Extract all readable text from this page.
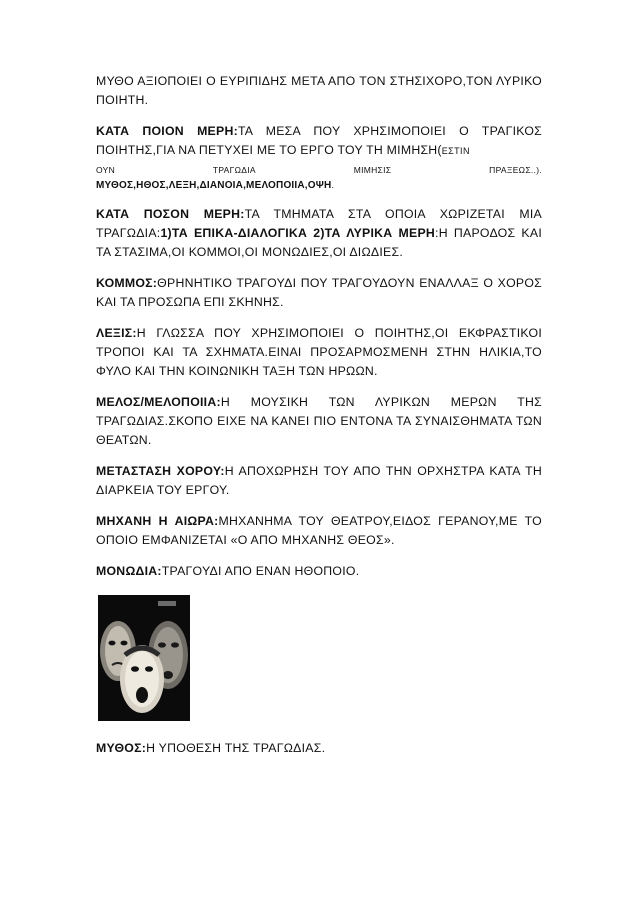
ΜΥΘΟ ΑΞΙΟΠΟΙΕΙ Ο ΕΥΡΙΠΙΔΗΣ ΜΕΤΑ ΑΠΟ ΤΟΝ ΣΤΗΣΙΧΟΡΟ,ΤΟΝ ΛΥΡΙΚΟ ΠΟΙΗΤΗ.

ΚΑΤΑ ΠΟΙΟΝ ΜΕΡΗ:ΤΑ ΜΕΣΑ ΠΟΥ ΧΡΗΣΙΜΟΠΟΙΕΙ Ο ΤΡΑΓΙΚΟΣ ΠΟΙΗΤΗΣ,ΓΙΑ ΝΑ ΠΕΤΥΧΕΙ ΜΕ ΤΟ ΕΡΓΟ ΤΟΥ ΤΗ ΜΙΜΗΣΗ(ΕΣΤΙΝ

ΟΥΝ	ΤΡΑΓΩΔΙΑ	ΜΙΜΗΣΙΣ	ΠΡΑΞΕΩΣ..).

ΜΥΘΟΣ,ΗΘΟΣ,ΛΕΞΗ,ΔΙΑΝΟΙΑ,ΜΕΛΟΠΟΙΙΑ,ΟΨΗ.

ΚΑΤΑ ΠΟΣΟΝ ΜΕΡΗ:ΤΑ ΤΜΗΜΑΤΑ ΣΤΑ ΟΠΟΙΑ ΧΩΡΙΖΕΤΑΙ ΜΙΑ ΤΡΑΓΩΔΙΑ:1)ΤΑ ΕΠΙΚΑ-ΔΙΑΛΟΓΙΚΑ 2)ΤΑ ΛΥΡΙΚΑ ΜΕΡΗ:Η ΠΑΡΟΔΟΣ ΚΑΙ ΤΑ ΣΤΑΣΙΜΑ,ΟΙ ΚΟΜΜΟΙ,ΟΙ ΜΟΝΩΔΙΕΣ,ΟΙ ΔΙΩΔΙΕΣ.

ΚΟΜΜΟΣ:ΘΡΗΝΗΤΙΚΟ ΤΡΑΓΟΥΔΙ ΠΟΥ ΤΡΑΓΟΥΔΟΥΝ ΕΝΑΛΛΑΞ Ο ΧΟΡΟΣ ΚΑΙ ΤΑ ΠΡΟΣΩΠΑ ΕΠΙ ΣΚΗΝΗΣ.

ΛΕΞΙΣ:Η ΓΛΩΣΣΑ ΠΟΥ ΧΡΗΣΙΜΟΠΟΙΕΙ Ο ΠΟΙΗΤΗΣ,ΟΙ ΕΚΦΡΑΣΤΙΚΟΙ ΤΡΟΠΟΙ ΚΑΙ ΤΑ ΣΧΗΜΑΤΑ.ΕΙΝΑΙ ΠΡΟΣΑΡΜΟΣΜΕΝΗ ΣΤΗΝ ΗΛΙΚΙΑ,ΤΟ ΦΥΛΟ ΚΑΙ ΤΗΝ ΚΟΙΝΩΝΙΚΗ ΤΑΞΗ ΤΩΝ ΗΡΩΩΝ.

ΜΕΛΟΣ/ΜΕΛΟΠΟΙΙΑ:Η ΜΟΥΣΙΚΗ ΤΩΝ ΛΥΡΙΚΩΝ ΜΕΡΩΝ ΤΗΣ ΤΡΑΓΩΔΙΑΣ.ΣΚΟΠΟ ΕΙΧΕ ΝΑ ΚΑΝΕΙ ΠΙΟ ΕΝΤΟΝΑ ΤΑ ΣΥΝΑΙΣΘΗΜΑΤΑ ΤΩΝ ΘΕΑΤΩΝ.

ΜΕΤΑΣΤΑΣΗ ΧΟΡΟΥ:Η ΑΠΟΧΩΡΗΣΗ ΤΟΥ ΑΠΟ ΤΗΝ ΟΡΧΗΣΤΡΑ ΚΑΤΑ ΤΗ ΔΙΑΡΚΕΙΑ ΤΟΥ ΕΡΓΟΥ.

ΜΗΧΑΝΗ Η ΑΙΩΡΑ:ΜΗΧΑΝΗΜΑ ΤΟΥ ΘΕΑΤΡΟΥ,ΕΙΔΟΣ ΓΕΡΑΝΟΥ,ΜΕ ΤΟ ΟΠΟΙΟ ΕΜΦΑΝΙΖΕΤΑΙ «Ο ΑΠΟ ΜΗΧΑΝΗΣ ΘΕΟΣ».

ΜΟΝΩΔΙΑ:ΤΡΑΓΟΥΔΙ ΑΠΟ ΕΝΑΝ ΗΘΟΠΟΙΟ.

ΜΥΘΟΣ:Η ΥΠΟΘΕΣΗ ΤΗΣ ΤΡΑΓΩΔΙΑΣ.
